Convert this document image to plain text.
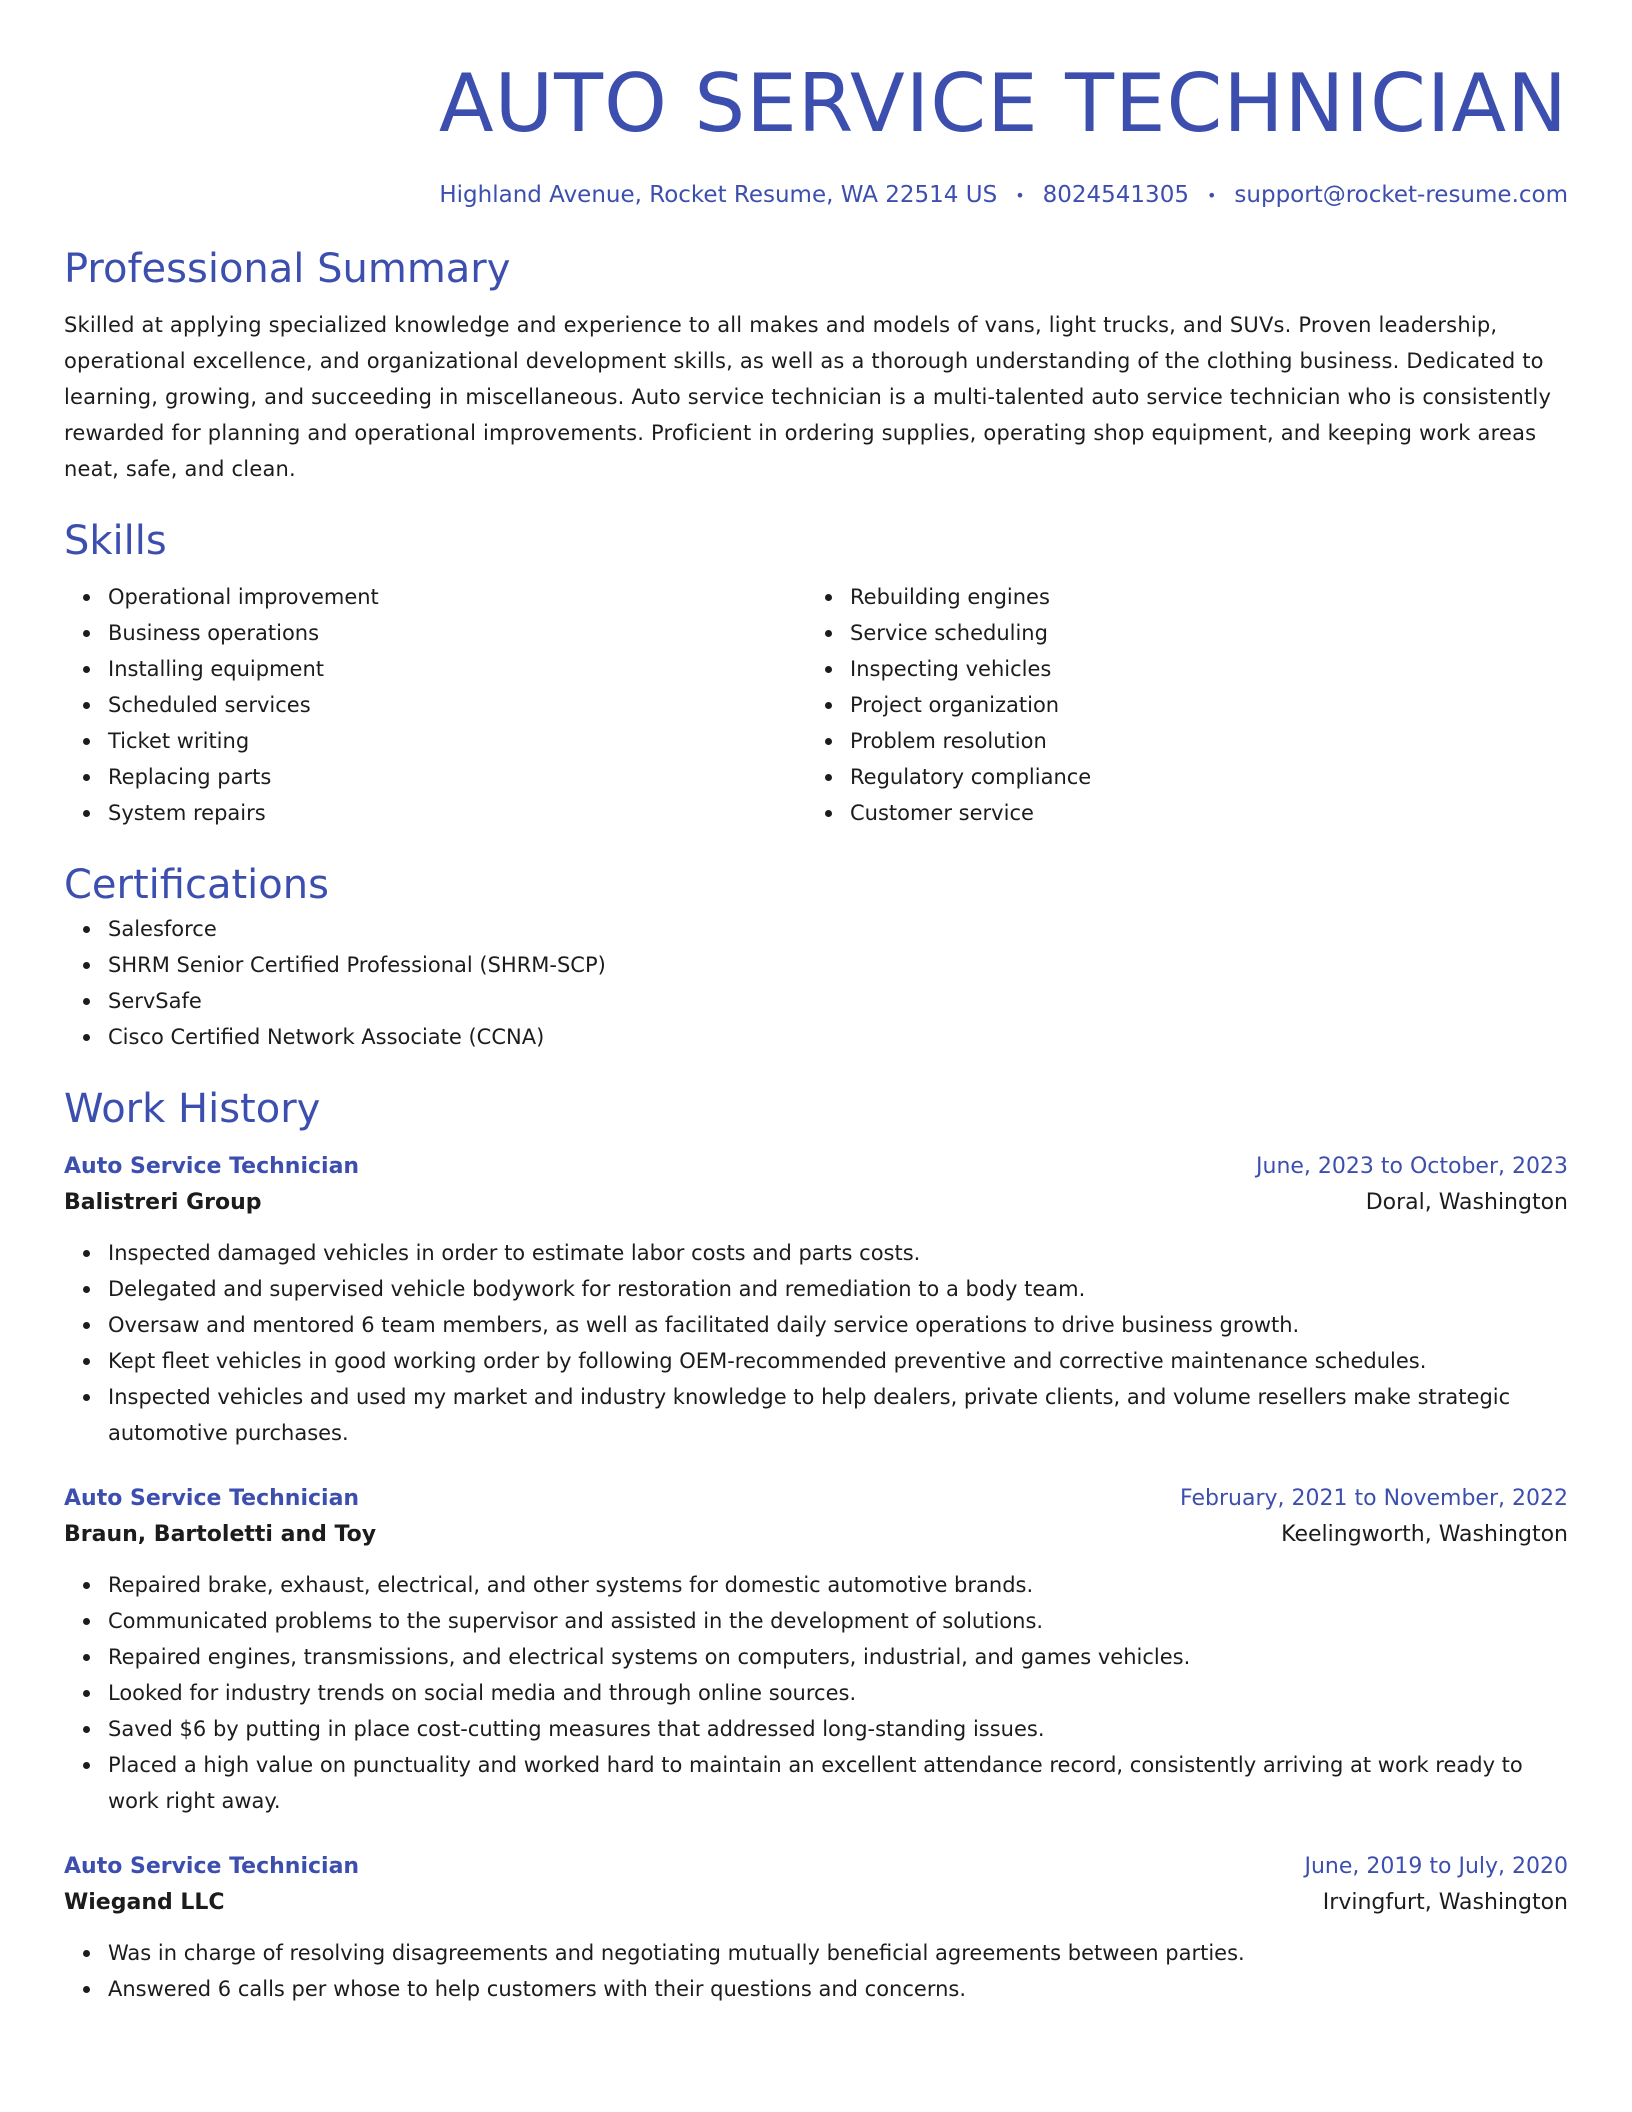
AUTO SERVICE TECHNICIAN
Highland Avenue, Rocket Resume, WA 22514 US • 8024541305 • support@rocket-resume.com
Professional Summary

Skilled at applying specialized knowledge and experience to all makes and models of vans, light trucks, and SUVs. Proven leadership, operational excellence, and organizational development skills, as well as a thorough understanding of the clothing business. Dedicated to learning, growing, and succeeding in miscellaneous. Auto service technician is a multi-talented auto service technician who is consistently rewarded for planning and operational improvements. Proficient in ordering supplies, operating shop equipment, and keeping work areas neat, safe, and clean.

Skills
Operational improvement
Business operations
Installing equipment
Scheduled services
Ticket writing
Replacing parts
System repairs
Rebuilding engines
Service scheduling
Inspecting vehicles
Project organization
Problem resolution
Regulatory compliance
Customer service
Certifications
Salesforce
SHRM Senior Certified Professional (SHRM-SCP)
ServSafe
Cisco Certified Network Associate (CCNA)
Work History
Auto Service Technician	June, 2023 to October, 2023
Balistreri Group	Doral, Washington
Inspected damaged vehicles in order to estimate labor costs and parts costs.
Delegated and supervised vehicle bodywork for restoration and remediation to a body team.
Oversaw and mentored 6 team members, as well as facilitated daily service operations to drive business growth.
Kept fleet vehicles in good working order by following OEM-recommended preventive and corrective maintenance schedules.
Inspected vehicles and used my market and industry knowledge to help dealers, private clients, and volume resellers make strategic automotive purchases.
Auto Service Technician	February, 2021 to November, 2022
Braun, Bartoletti and Toy	Keelingworth, Washington
Repaired brake, exhaust, electrical, and other systems for domestic automotive brands.
Communicated problems to the supervisor and assisted in the development of solutions.
Repaired engines, transmissions, and electrical systems on computers, industrial, and games vehicles.
Looked for industry trends on social media and through online sources.
Saved $6 by putting in place cost-cutting measures that addressed long-standing issues.
Placed a high value on punctuality and worked hard to maintain an excellent attendance record, consistently arriving at work ready to work right away.
Auto Service Technician	June, 2019 to July, 2020
Wiegand LLC	Irvingfurt, Washington
Was in charge of resolving disagreements and negotiating mutually beneficial agreements between parties.
Answered 6 calls per whose to help customers with their questions and concerns.
